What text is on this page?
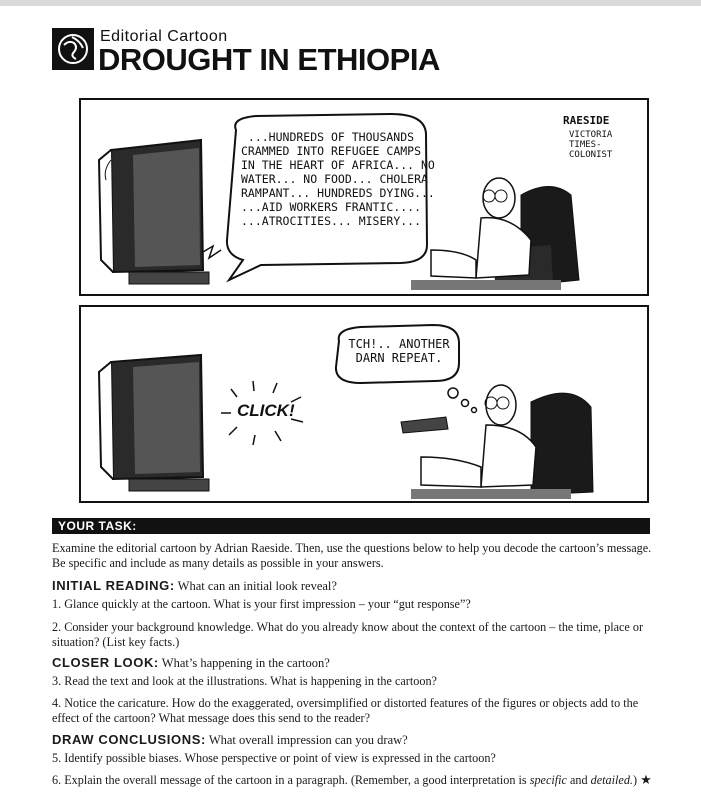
Editorial Cartoon
DROUGHT IN ETHIOPIA
...HUNDREDS OF THOUSANDS
CRAMMED INTO REFUGEE CAMPS
IN THE HEART OF AFRICA... NO
WATER... NO FOOD... CHOLERA
RAMPANT... HUNDREDS DYING...
...AID WORKERS FRANTIC....
...ATROCITIES... MISERY...
RAESIDE
VICTORIA TIMES-COLONIST
TCH!.. ANOTHER
DARN REPEAT.
CLICK!
YOUR TASK:
Examine the editorial cartoon by Adrian Raeside. Then, use the questions below to help you decode the cartoon’s message. Be specific and include as many details as possible in your answers.
INITIAL READING: What can an initial look reveal?
1. Glance quickly at the cartoon. What is your first impression – your “gut response”?
2. Consider your background knowledge. What do you already know about the context of the cartoon – the time, place or situation? (List key facts.)
CLOSER LOOK: What’s happening in the cartoon?
3. Read the text and look at the illustrations. What is happening in the cartoon?
4. Notice the caricature. How do the exaggerated, oversimplified or distorted features of the figures or objects add to the effect of the cartoon? What message does this send to the reader?
DRAW CONCLUSIONS: What overall impression can you draw?
5. Identify possible biases. Whose perspective or point of view is expressed in the cartoon?
6. Explain the overall message of the cartoon in a paragraph. (Remember, a good interpretation is specific and detailed.) ★
